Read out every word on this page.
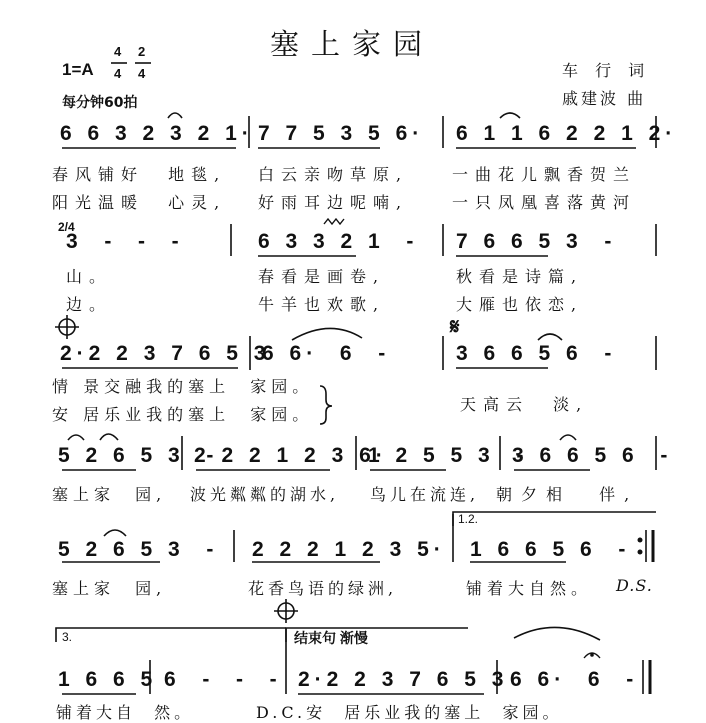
塞上家园
1=A
4
4
2
4
每分钟60拍
车 行 词
戚建波 曲
𝄋
6 6 3 2 3 2 1· 7 7 5 3 5 6· 6 1 1 6 2 2 1 2·
春风铺好  地毯, 白云亲吻草原,	一曲花儿飘香贺兰
阳光温暖  心灵, 好雨耳边呢喃,	一只凤凰喜落黄河
2/4
3  -  -  -	6 3 3 2 1  - 7 6 6 5 3  -
山。	春看是画卷,	秋看是诗篇,
边。	牛羊也欢歌,	大雁也依恋,
2·2 2 3 7 6 5 3
6 6·  6  -	3 6 6 5 6  -
情 景交融我的塞上  家园。
天高云  淡,
安 居乐业我的塞上  家园。
5 2 6 5 3  -
2 2 2 1 2 3 6·
1 2 5 5 3  -
3 6 6 5 6  -
塞上家  园, 波光粼粼的湖水, 鸟儿在流连, 朝夕相  伴,
1.2.
5 2 6 5 3  - 2 2 2 1 2 3 5· 1 6 6 5 6  -
塞上家  园,	花香鸟语的绿洲,	铺着大自然。 D.S.
3.	结束句 渐慢
1 6 6 5 6  -  -  - 2·2 2 3 7 6 5 3 6 6·  6  -
铺着大自  然。	D.C.安  居乐业我的塞上  家园。
